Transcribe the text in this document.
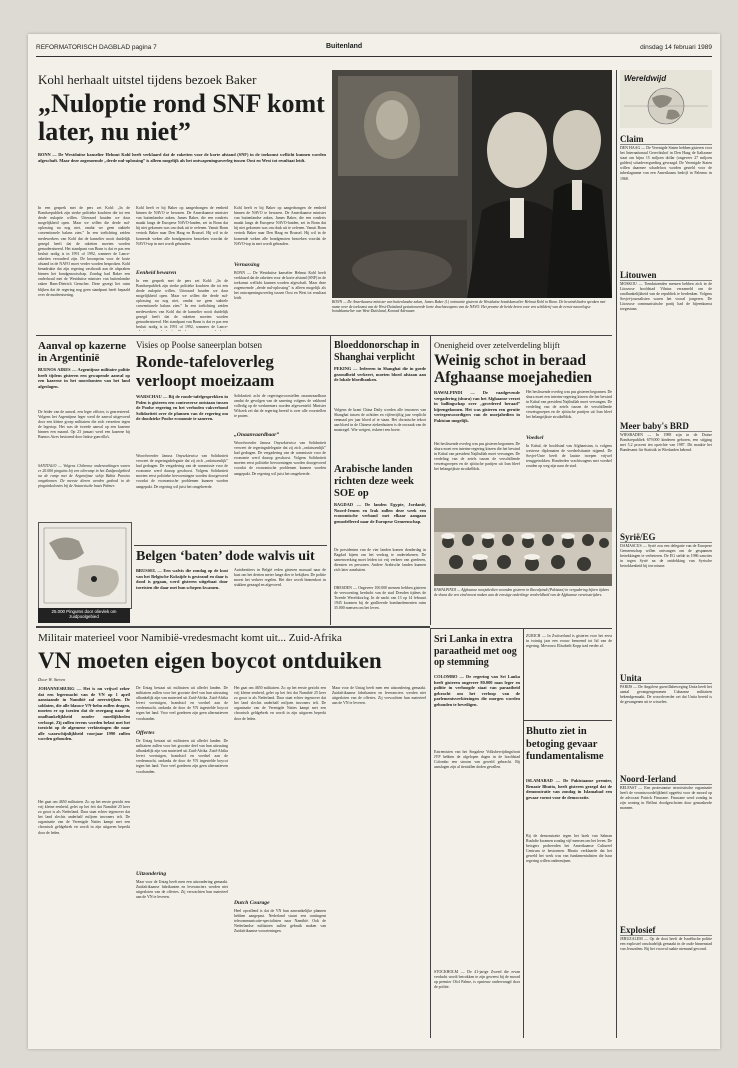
REFORMATORISCH DAGBLAD pagina 7	Buitenland	dinsdag 14 februari 1989
Kohl herhaalt uitstel tijdens bezoek Baker
„Nuloptie rond SNF komt later, nu niet”
BONN — De Westduitse kanselier Helmut Kohl heeft verklaard dat de raketten voor de korte afstand (SNF) in de toekomst wellicht kunnen worden afgeschaft. Maar deze zogenoemde „derde nul-oplossing” is alleen mogelijk als het ontwapeningsoverleg tussen Oost en West tot resultaat leidt.
In een gesprek met de pers zei Kohl: „In de Bondsrepubliek zijn sterke politieke krachten die tot een derde nuloptie willen. Uiteraard houden we daar mogelijkheid open. Maar we willen die derde nul-oplossing nu nog niet, omdat we geen stabiele conventionele balans zien.” In een toelichting zeiden medewerkers van Kohl dat de kanselier nooit duidelijk gezegd heeft dat de raketten moeten worden gemoderniseerd. Het standpunt van Bonn is dat er pas een besluit nodig is in 1991 of 1992, wanneer de Lance-raketten verouderd zijn. De kroonprins voor de korte afstand in de NAVO moet verder worden besproken. Kohl benadrukte dat zijn regering vasthoudt aan de afspraken binnen het bondgenootschap. Zondag had Baker een onderhoud met de Westduitse minister van buitenlandse zaken Hans-Dietrich Genscher. Deze gezegt liet ruim blijken dat de regering nog geen standpunt heeft bepaald over de modernisering.
Kohl heeft er bij Baker op aangedrongen de eenheid binnen de NAVO te bewaren. De Amerikaanse minister van buitenlandse zaken, James Baker, die een rondreis maakt langs de Europese NAVO-landen, zei in Bonn dat hij niet gekomen was om druk uit te oefenen. Vanuit Bonn vertrok Baker naar Den Haag en Brussel. Hij wil in de komende weken alle bondgenoten bezoeken voordat de NAVO-top in mei wordt gehouden.
Eenheid bewaren
In een gesprek met de pers zei Kohl: „In de Bondsrepubliek zijn sterke politieke krachten die tot een derde nuloptie willen. Uiteraard houden we daar mogelijkheid open. Maar we willen die derde nul-oplossing nu nog niet, omdat we geen stabiele conventionele balans zien.” In een toelichting zeiden medewerkers van Kohl dat de kanselier nooit duidelijk gezegd heeft dat de raketten moeten worden gemoderniseerd. Het standpunt van Bonn is dat er pas een besluit nodig is in 1991 of 1992, wanneer de Lance-
Kohl heeft er bij Baker op aangedrongen de eenheid binnen de NAVO te bewaren. De Amerikaanse minister van buitenlandse zaken, James Baker, die een rondreis maakt langs de Europese NAVO-landen, zei in Bonn dat hij niet gekomen was om druk uit te oefenen. Vanuit Bonn vertrok Baker naar Den Haag en Brussel. Hij wil in de komende weken alle bondgenoten bezoeken voordat de NAVO-top in mei wordt gehouden.
Vernassing
BONN — De Westduitse kanselier Helmut Kohl heeft verklaard dat de raketten voor de korte afstand (SNF) in de toekomst wellicht kunnen worden afgeschaft. Maar deze zogenoemde „derde nul-oplossing” is alleen mogelijk als het ontwapeningsoverleg tussen Oost en West tot resultaat leidt.
BONN — De Amerikaanse minister van buitenlandse zaken, James Baker (l.) ontmoette gisteren de Westduitse bondskanselier Helmut Kohl in Bonn. De bewindslieden spraken met name over de toekomst van de West-Duitsland gestationeerde korte drachtswapens van de NAVO. Het proeme de beide heren voor een schilderij van de eerste naoorlogse bondskanselier van West-Duitsland, Konrad Adenauer.
Aanval op kazerne in Argentinië
BUENOS AIRES — Argentijnse militaire politie heeft tijdens gisteren een gewapende aanval op een kazerne in het noordoosten van het land afgeslagen.
De leider van de aanval, een leger officier, is gearresteerd. Volgens het Argentijnse leger werd de aanval uitgevoerd door een kleine groep militairen die zich verzetten tegen de legertop. Het was de tweede aanval op een kazerne binnen een maand. Op 23 januari werd een kazerne bij Buenos Aires bestormd door linkse guerrilla's.
SANTIAGO — Volgens Chileense onderzoekingen waren er 20.000 pinguïns bij een olieramp in het Zuidpoolgebied na de ramp met de Argentijnse schip Bahia Paraiso omgekomen. De meeste dieren werden gedood in de pinguïnkolonies bij de Antarctische basis Palmer.
25.000 Pinguïns door olievlek om zuidpoolgebied
Visies op Poolse saneerplan botsen
Ronde-tafeloverleg verloopt moeizaam
WARSCHAU — Bij de ronde-tafelgesprekken in Polen is gisteren een controverse ontstaan tussen de Poolse regering en het verboden vakverbond Solidariteit over de plannen van de regering om de doodzieke Poolse economie te saneren.
Woordvoerder Janusz Onyszkiewicz van Solidariteit verweet de regeringsdelegatie dat zij zich „onfatsoenlijk” had gedragen. De vergadering van de commissie voor de economie werd daarop geschorst. Volgens Solidariteit moeten eerst politieke hervormingen worden doorgevoerd voordat de economische problemen kunnen worden aangepakt. De regering wil juist het omgekeerde.
Solidariteit acht de regeringsvoorstellen onaanvaardbaar omdat de gevolgen van de sanering volgens de vakbond volledig op de werknemers worden afgewenteld. Minister Wilczek zei dat de regering bereid is over alle voorstellen te praten.
„Onaanvaardbaar”
Woordvoerder Janusz Onyszkiewicz van Solidariteit verweet de regeringsdelegatie dat zij zich „onfatsoenlijk” had gedragen. De vergadering van de commissie voor de economie werd daarop geschorst. Volgens Solidariteit moeten eerst politieke hervormingen worden doorgevoerd voordat de economische problemen kunnen worden aangepakt. De regering wil juist het omgekeerde.
Belgen ‘baten’ dode walvis uit
BRUSSEL — Een walvis die zondag op de kust van het Belgische Koksijde is gestrand en daar is dood is gegaan, werd gisteren uitgebaat door toeristen die daar met hun schepen kwamen.
Autobezitters in België reden gisteren massaal naar de kust om het dertien meter lange dier te bekijken. De politie moest het verkeer regelen. Het dier wordt binnenkort in stukken gezaagd en afgevoerd.
Bloeddonorschap in Shanghai verplicht
PEKING — Iedereen in Shanghai die in goede gezondheid verkeert, moeten bloed afstaan aan de lokale bloedbanken.
Volgens de krant China Daily worden alle inwoners van Shanghai tussen de achttien en vijfenvijftig jaar verplicht eenmaal per jaar bloed af te staan. Het chronische tekort aan bloed in de Chinese ziekenhuizen is de oorzaak van de maatregel. Wie weigert, riskeert een boete.
Arabische landen richten deze week SOE op
BAGDAD — De landen Egypte, Jordanië, Noord-Jemen en Irak zullen deze week een economische verband met elkaar aangaan gemodelleerd naar de Europese Gemeenschap.
De presidenten van de vier landen komen donderdag in Bagdad bijeen om het verdrag te ondertekenen. De samenwerking moet leiden tot vrij verkeer van goederen, diensten en personen. Andere Arabische landen kunnen zich later aansluiten.
DRESDEN — Ongeveer 100.000 mensen hebben gisteren de verwoesting herdacht van de stad Dresden tijdens de Tweede Wereldoorlog. In de nacht van 13 op 14 februari 1945 kwamen bij de geallieerde bombardementen ruim 35.000 mensen om het leven.
Onenigheid over zetelverdeling blijft
Weinig schot in beraad Afghaanse moejahedien
RAWALPINDI — De raadgevende vergadering (shura) van het Afghaanse verzet in ballingschap over „gecedeerd beraad” bijeengekomen. Het was gisteren een geruite vertegenwoordigers van de moejahedien in Pakistan mogelijk.
Het beslissende overleg was pas gisteren begonnen. De shura moet een interim-regering kiezen die het bewind in Kabul van president Najibullah moet vervangen. De verdeling van de zetels tussen de verschillende verzetsgroepen en de sjiitische partijen uit Iran bleef het belangrijkste struikelblok.
Het beslissende overleg was pas gisteren begonnen. De shura moet een interim-regering kiezen die het bewind in Kabul van president Najibullah moet vervangen. De verdeling van de zetels tussen de verschillende verzetsgroepen en de sjiitische partijen uit Iran bleef het belangrijkste struikelblok.
Voedsel
In Kabul, de hoofdstad van Afghanistan, is volgens westerse diplomaten de voedselsituatie nijpend. De Sovjet-Unie heeft de laatste troepen vrijwel teruggetrokken. Honderden vrachtwagens met voedsel zouden op weg zijn naar de stad.
RAWALPINDI — Afghaanse moejahedien woonden gisteren in Rawalpindi (Pakistan) in vergadering bijeen tijdens de shura die een eind moest maken aan de ernstige onderlinge verdeeldheid van de Afghaanse verzetsstrijders.
Militair materieel voor Namibië-vredesmacht komt uit... Zuid-Afrika
VN moeten eigen boycot ontduiken
Door W. Steven
JOHANNESBURG — Het is nu vrijwel zeker dat een legermacht van de VN op 1 april aanstaande in Namibië zal neerstrijken. De soldaten, die alle blauwe VN-helm zullen dragen, moeten er op toezien dat de overgang naar de onafhankelijkheid zonder moeilijkheden verloopt. Zij zullen tevens worden belast met het toezicht op de algemene verkiezingen die naar alle waarschijnlijkheid voorjaar 1990 zullen worden gehouden.
Het gaat om 4650 militairen. Zo op het eerste gezicht een vrij kleine eenheid, gelet op het feit dat Namibië 25 keer zo groot is als Nederland. Daar staat echter tegenover dat het land slechts anderhalf miljoen inwoners telt. De organisatie van de Verenigde Naties kampt met een chronisch geldgebrek en wordt in zijn uitgaven beperkt door de leden.
De Untag bestaat uit militairen uit allerlei landen. De militairen zullen voor het grootste deel van hun uitrusting afhankelijk zijn van materieel uit Zuid-Afrika. Zuid-Afrika levert voertuigen, brandstof en voedsel aan de vredesmacht, ondanks de door de VN ingestelde boycot tegen het land. Voor veel goederen zijn geen alternatieven voorhanden.
Offertes
De Untag bestaat uit militairen uit allerlei landen. De militairen zullen voor het grootste deel van hun uitrusting afhankelijk zijn van materieel uit Zuid-Afrika. Zuid-Afrika levert voertuigen, brandstof en voedsel aan de vredesmacht, ondanks de door de VN ingestelde boycot tegen het land. Voor veel goederen zijn geen alternatieven voorhanden.
Uitzondering
Maar voor de Untag heeft men een uitzondering gemaakt. Zuidafrikaanse fabrikanten en leveranciers werden niet uitgesloten van de offertes. Zij verwachten hun materieel aan de VN te leveren.
Het gaat om 4650 militairen. Zo op het eerste gezicht een vrij kleine eenheid, gelet op het feit dat Namibië 25 keer zo groot is als Nederland. Daar staat echter tegenover dat het land slechts anderhalf miljoen inwoners telt. De organisatie van de Verenigde Naties kampt met een chronisch geldgebrek en wordt in zijn uitgaven beperkt door de leden.
Dutch Courage
Heel opvallend is dat de VN hun aanvankelijke plannen hebben aangepast. Nederland stuurt een contingent telecommunicatie-specialisten naar Namibië. Ook de Nederlandse militairen zullen gebruik maken van Zuidafrikaanse voorzieningen.
Maar voor de Untag heeft men een uitzondering gemaakt. Zuidafrikaanse fabrikanten en leveranciers werden niet uitgesloten van de offertes. Zij verwachten hun materieel aan de VN te leveren.
Sri Lanka in extra paraatheid met oog op stemming
COLOMBO — De regering van Sri Lanka heeft gisteren ongeveer 80.000 man leger en politie in verhoogde staat van paraatheid gebracht om het verloop van de parlementsverkiezingen die morgen worden gehouden te beveiligen.
Extremisten van het Singalese Volksbevrijdingsfront JVP hebben de afgelopen dagen in de hoofdstad Colombo een stroom van geweld gebracht. Bij aanslagen zijn al tientallen doden gevallen.
STOCKHOLM — De 41-jarige Zweed die ervan verdacht wordt betrokken te zijn geweest bij de moord op premier Olof Palme, is opnieuw ondervraagd door de politie.
ZURICH — In Zwitserland is gisteren voor het eerst in twintig jaar een vrouw benoemd tot lid van de regering. Mevrouw Elisabeth Kopp trad eerder af.
Bhutto ziet in betoging gevaar fundamentalisme
ISLAMABAD — De Pakistaanse premier, Benazir Bhutto, heeft gisteren gezegd dat de demonstratie van zondag in Islamabad een gevaar vormt voor de democratie.
Bij de demonstratie tegen het boek van Salman Rushdie kwamen zondag vijf mensen om het leven. De betogers probeerden het Amerikaanse Cultureel Centrum te bestormen. Bhutto verklaarde dat het geweld het werk was van fundamentalisten die haar regering willen ondermijnen.
Wereldwijd
Claim
DEN HAAG — De Verenigde Staten hebben gisteren voor het Internationaal Gerechtshof in Den Haag de Italiaanse staat om bijna 15 miljoen dollar (ongeveer 27 miljoen gulden) schadevergoeding gevraagd. De Verenigde Staten willen daarmee schadeloos worden gesteld voor de inbeslagname van een Amerikaans bedrijf in Palermo in 1968.
Litouwen
MOSKOU — Tienduizenden mensen hebben zich in de Litouwse hoofdstad Vilnius verzameld om de onafhankelijkheid van de republiek te herdenken. Volgens Sovjet-journalisten waren het vooral jongeren. De Litouwse communistische partij had de bijeenkomst toegestaan.
Meer baby's BRD
WIESBADEN — In 1988 zijn in de Duitse Bondsrepubliek 679.000 kinderen geboren, een stijging met 5,2 procent ten opzichte van 1987. Dit maakte het Bundesamt für Statistik in Wiesbaden bekend.
Syrië/EG
DAMASCUS — Syrië zou een delegatie van de Europese Gemeenschap willen ontvangen om de gespannen betrekkingen te verbeteren. De EG stelde in 1986 sancties in tegen Syrië na de ontdekking van Syrische betrokkenheid bij terrorisme.
Unita
PARIJS — De Angolese guerrillabeweging Unita heeft het aantal gevangengenomen Cubaanse militairen bekendgemaakt. De woordvoerder zei dat Unita bereid is de gevangenen uit te wisselen.
Noord-Ierland
BELFAST — Een protestantse terroristische organisatie heeft de verantwoordelijkheid opgeëist voor de moord op de advocaat Patrick Finucane. Finucane werd zondag in zijn woning in Belfast doodgeschoten door gemaskerde mannen.
Explosief
JERUZALEM — Op de dooi heeft de Israëlische politie een explosief onschadelijk gemaakt in de oude binnenstad van Jeruzalem. Bij het voorval raakte niemand gewond.
